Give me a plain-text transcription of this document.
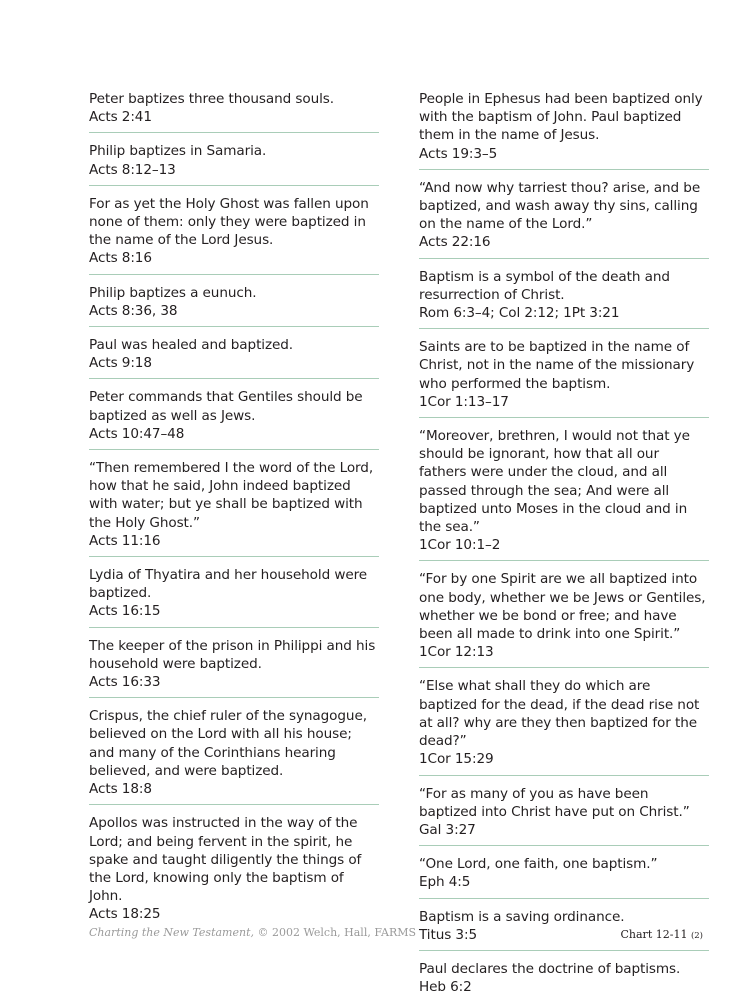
Peter baptizes three thousand souls.
Acts 2:41
Philip baptizes in Samaria.
Acts 8:12–13
For as yet the Holy Ghost was fallen upon none of them: only they were baptized in the name of the Lord Jesus.
Acts 8:16
Philip baptizes a eunuch.
Acts 8:36, 38
Paul was healed and baptized.
Acts 9:18
Peter commands that Gentiles should be baptized as well as Jews.
Acts 10:47–48
“Then remembered I the word of the Lord, how that he said, John indeed baptized with water; but ye shall be baptized with the Holy Ghost.”
Acts 11:16
Lydia of Thyatira and her household were baptized.
Acts 16:15
The keeper of the prison in Philippi and his household were baptized.
Acts 16:33
Crispus, the chief ruler of the synagogue, believed on the Lord with all his house; and many of the Corinthians hearing believed, and were baptized.
Acts 18:8
Apollos was instructed in the way of the Lord; and being fervent in the spirit, he spake and taught diligently the things of the Lord, knowing only the baptism of John.
Acts 18:25
People in Ephesus had been baptized only with the baptism of John. Paul baptized them in the name of Jesus.
Acts 19:3–5
“And now why tarriest thou? arise, and be baptized, and wash away thy sins, calling on the name of the Lord.”
Acts 22:16
Baptism is a symbol of the death and resurrection of Christ.
Rom 6:3–4; Col 2:12; 1Pt 3:21
Saints are to be baptized in the name of Christ, not in the name of the missionary who performed the baptism.
1Cor 1:13–17
“Moreover, brethren, I would not that ye should be ignorant, how that all our fathers were under the cloud, and all passed through the sea; And were all baptized unto Moses in the cloud and in the sea.”
1Cor 10:1–2
“For by one Spirit are we all baptized into one body, whether we be Jews or Gentiles, whether we be bond or free; and have been all made to drink into one Spirit.”
1Cor 12:13
“Else what shall they do which are baptized for the dead, if the dead rise not at all? why are they then baptized for the dead?”
1Cor 15:29
“For as many of you as have been baptized into Christ have put on Christ.”
Gal 3:27
“One Lord, one faith, one baptism.”
Eph 4:5
Baptism is a saving ordinance.
Titus 3:5
Paul declares the doctrine of baptisms.
Heb 6:2
Charting the New Testament, © 2002 Welch, Hall, FARMS	Chart 12-11 (2)
